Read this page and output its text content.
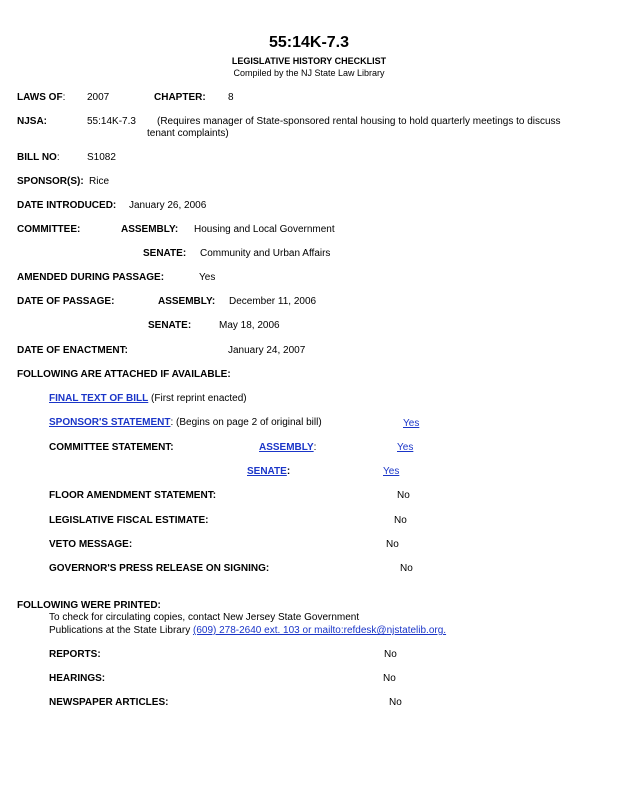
55:14K-7.3
LEGISLATIVE HISTORY CHECKLIST
Compiled by the NJ State Law Library
LAWS OF: 2007	CHAPTER: 8
NJSA:	55:14K-7.3 (Requires manager of State-sponsored rental housing to hold quarterly meetings to discuss
tenant complaints)
BILL NO:	S1082
SPONSOR(S): Rice
DATE INTRODUCED: January 26, 2006
COMMITTEE:	ASSEMBLY: Housing and Local Government
SENATE: Community and Urban Affairs
AMENDED DURING PASSAGE:	Yes
DATE OF PASSAGE:	ASSEMBLY: December 11, 2006
SENATE:	May 18, 2006
DATE OF ENACTMENT:	January 24, 2007
FOLLOWING ARE ATTACHED IF AVAILABLE:
FINAL TEXT OF BILL (First reprint enacted)
SPONSOR'S STATEMENT: (Begins on page 2 of original bill)	Yes
COMMITTEE STATEMENT:	ASSEMBLY:	Yes
SENATE:	Yes
FLOOR AMENDMENT STATEMENT:	No
LEGISLATIVE FISCAL ESTIMATE:	No
VETO MESSAGE:	No
GOVERNOR'S PRESS RELEASE ON SIGNING:	No
FOLLOWING WERE PRINTED:
To check for circulating copies, contact New Jersey State Government
Publications at the State Library (609) 278-2640 ext. 103 or mailto:refdesk@njstatelib.org.
REPORTS:	No
HEARINGS:	No
NEWSPAPER ARTICLES:	No
